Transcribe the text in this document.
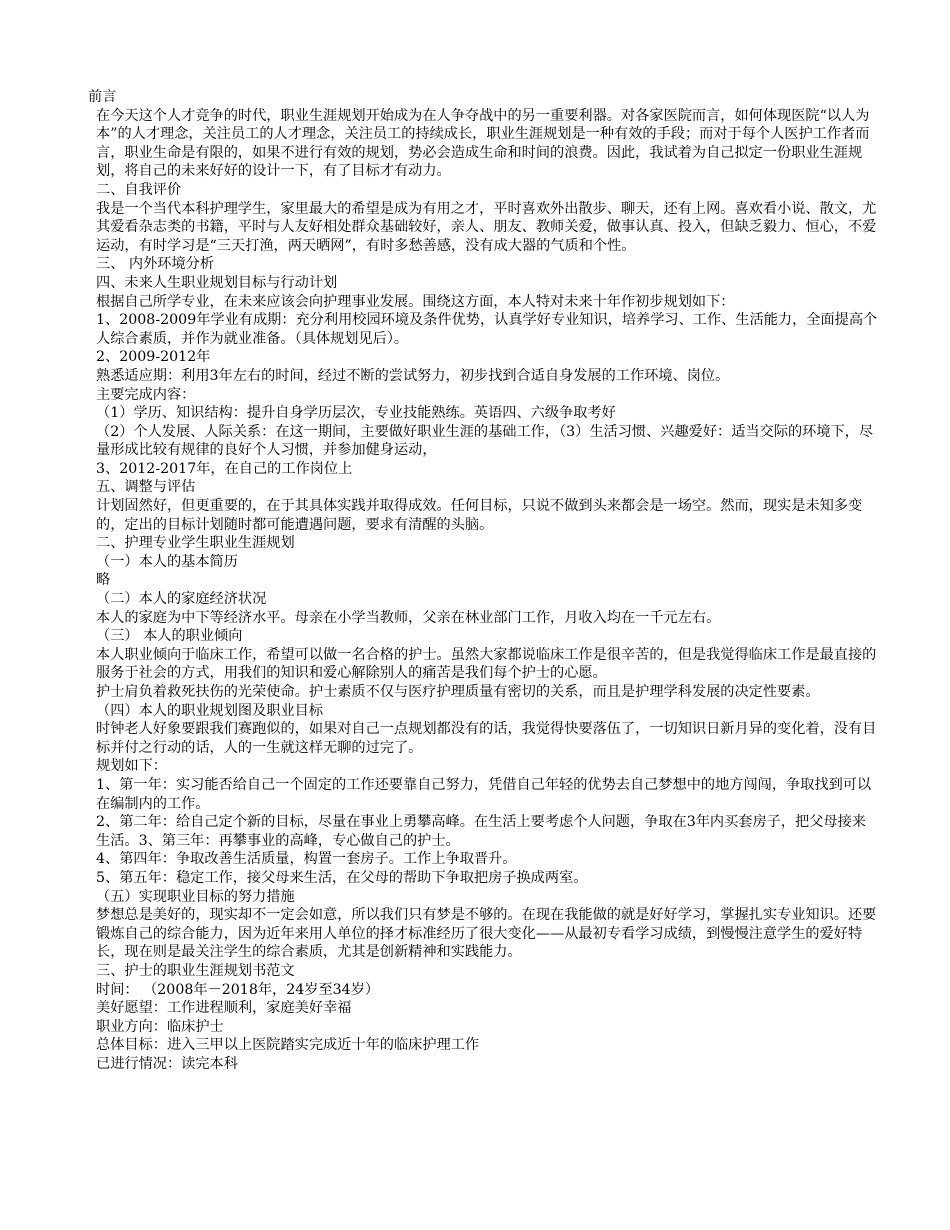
前言

在今天这个人才竞争的时代，职业生涯规划开始成为在人争夺战中的另一重要利器。对各家医院而言，如何体现医院“以人为本”的人才理念，关注员工的人才理念，关注员工的持续成长，职业生涯规划是一种有效的手段；而对于每个人医护工作者而言，职业生命是有限的，如果不进行有效的规划，势必会造成生命和时间的浪费。因此，我试着为自己拟定一份职业生涯规划，将自己的未来好好的设计一下，有了目标才有动力。

二、自我评价

我是一个当代本科护理学生，家里最大的希望是成为有用之才，平时喜欢外出散步、聊天，还有上网。喜欢看小说、散文，尤其爱看杂志类的书籍，平时与人友好相处群众基础较好，亲人、朋友、教师关爱，做事认真、投入，但缺乏毅力、恒心，不爱运动，有时学习是“三天打渔，两天晒网”，有时多愁善感，没有成大器的气质和个性。

三、 内外环境分析

四、未来人生职业规划目标与行动计划

根据自己所学专业，在未来应该会向护理事业发展。围绕这方面，本人特对未来十年作初步规划如下：

1、2008-2009年学业有成期：充分利用校园环境及条件优势，认真学好专业知识，培养学习、工作、生活能力，全面提高个人综合素质，并作为就业准备。（具体规划见后）。

2、2009-2012年

熟悉适应期：利用3年左右的时间，经过不断的尝试努力，初步找到合适自身发展的工作环境、岗位。

主要完成内容：

（1）学历、知识结构：提升自身学历层次，专业技能熟练。英语四、六级争取考好

（2）个人发展、人际关系：在这一期间，主要做好职业生涯的基础工作，（3）生活习惯、兴趣爱好：适当交际的环境下，尽量形成比较有规律的良好个人习惯，并参加健身运动，

3、2012-2017年，在自己的工作岗位上

五、调整与评估

计划固然好，但更重要的，在于其具体实践并取得成效。任何目标，只说不做到头来都会是一场空。然而，现实是未知多变的，定出的目标计划随时都可能遭遇问题，要求有清醒的头脑。

二、护理专业学生职业生涯规划

（一）本人的基本简历

略

（二）本人的家庭经济状况

本人的家庭为中下等经济水平。母亲在小学当教师，父亲在林业部门工作，月收入均在一千元左右。

（三） 本人的职业倾向

本人职业倾向于临床工作，希望可以做一名合格的护士。虽然大家都说临床工作是很辛苦的，但是我觉得临床工作是最直接的服务于社会的方式，用我们的知识和爱心解除别人的痛苦是我们每个护士的心愿。

护士肩负着救死扶伤的光荣使命。护士素质不仅与医疗护理质量有密切的关系，而且是护理学科发展的决定性要素。

（四）本人的职业规划图及职业目标

时钟老人好象要跟我们赛跑似的，如果对自己一点规划都没有的话，我觉得快要落伍了，一切知识日新月异的变化着，没有目标并付之行动的话，人的一生就这样无聊的过完了。

规划如下：

1、第一年：实习能否给自己一个固定的工作还要靠自己努力，凭借自己年轻的优势去自己梦想中的地方闯闯，争取找到可以在编制内的工作。

2、第二年：给自己定个新的目标，尽量在事业上勇攀高峰。在生活上要考虑个人问题，争取在3年内买套房子，把父母接来生活。3、第三年：再攀事业的高峰，专心做自己的护士。

4、第四年：争取改善生活质量，构置一套房子。工作上争取晋升。

5、第五年：稳定工作，接父母来生活，在父母的帮助下争取把房子换成两室。

（五）实现职业目标的努力措施

梦想总是美好的，现实却不一定会如意，所以我们只有梦是不够的。在现在我能做的就是好好学习，掌握扎实专业知识。还要锻炼自己的综合能力，因为近年来用人单位的择才标准经历了很大变化——从最初专看学习成绩，到慢慢注意学生的爱好特长，现在则是最关注学生的综合素质，尤其是创新精神和实践能力。

三、护士的职业生涯规划书范文

时间： （2008年－2018年，24岁至34岁）

美好愿望：工作进程顺利，家庭美好幸福

职业方向：临床护士

总体目标：进入三甲以上医院踏实完成近十年的临床护理工作

已进行情况：读完本科
